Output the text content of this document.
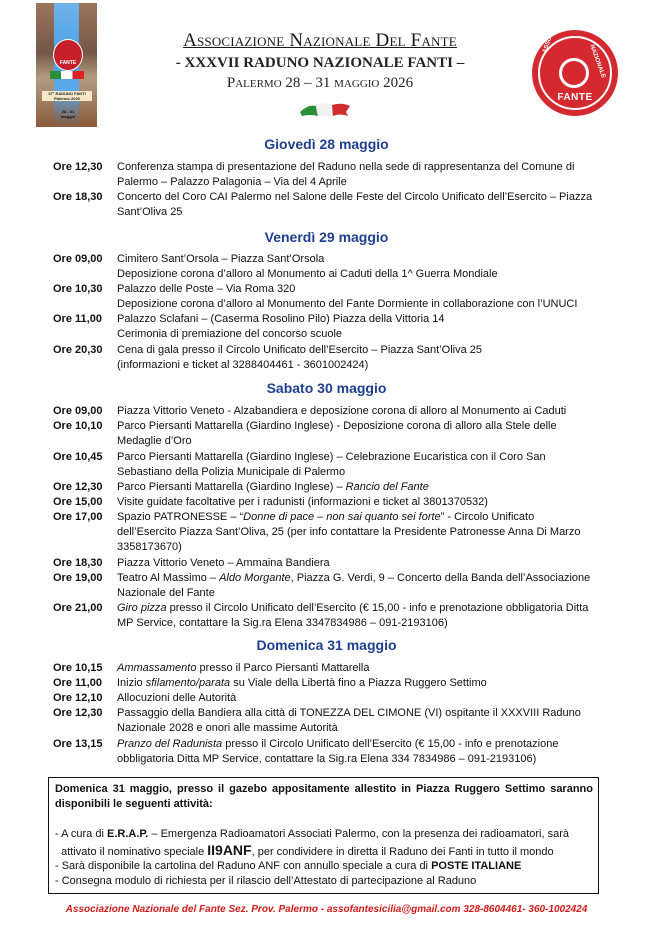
FANTE
37° RADUNO FANTI Palermo 2026
28 - 31 maggio
Associazione Nazionale Del Fante
- XXXVII RADUNO NAZIONALE FANTI –
Palermo 28 – 31 maggio 2026
ASSOCIAZIONE
NAZIONALE
FANTE
Giovedì 28 maggio
Ore 12,30	Conferenza stampa di presentazione del Raduno nella sede di rappresentanza del Comune di
Palermo – Palazzo Palagonia – Via del 4 Aprile
Ore 18,30	Concerto del Coro CAI Palermo nel Salone delle Feste del Circolo Unificato dell’Esercito – Piazza
Sant’Oliva 25
Venerdì 29 maggio
Ore 09,00	Cimitero Sant’Orsola – Piazza Sant’Orsola
Deposizione corona d’alloro al Monumento ai Caduti della 1^ Guerra Mondiale
Ore 10,30	Palazzo delle Poste – Via Roma 320
Deposizione corona d’alloro al Monumento del Fante Dormiente in collaborazione con l’UNUCI
Ore 11,00	Palazzo Sclafani – (Caserma Rosolino Pilo) Piazza della Vittoria 14
Cerimonia di premiazione del concorso scuole
Ore 20,30	Cena di gala presso il Circolo Unificato dell’Esercito – Piazza Sant’Oliva 25
(informazioni e ticket al 3288404461 - 3601002424)
Sabato 30 maggio
Ore 09,00	Piazza Vittorio Veneto - Alzabandiera e deposizione corona di alloro al Monumento ai Caduti
Ore 10,10	Parco Piersanti Mattarella (Giardino Inglese) - Deposizione corona di alloro alla Stele delle
Medaglie d’Oro
Ore 10,45	Parco Piersanti Mattarella (Giardino Inglese) – Celebrazione Eucaristica con il Coro San
Sebastiano della Polizia Municipale di Palermo
Ore 12,30	Parco Piersanti Mattarella (Giardino Inglese) – Rancio del Fante
Ore 15,00	Visite guidate facoltative per i radunisti (informazioni e ticket al 3801370532)
Ore 17,00	Spazio PATRONESSE – “Donne di pace – non sai quanto sei forte” - Circolo Unificato
dell’Esercito Piazza Sant’Oliva, 25 (per info contattare la Presidente Patronesse Anna Di Marzo
3358173670)
Ore 18,30	Piazza Vittorio Veneto – Ammaina Bandiera
Ore 19,00	Teatro Al Massimo – Aldo Morgante, Piazza G. Verdi, 9 – Concerto della Banda dell’Associazione
Nazionale del Fante
Ore 21,00	Giro pizza presso il Circolo Unificato dell’Esercito (€ 15,00 - info e prenotazione obbligatoria Ditta
MP Service, contattare la Sig.ra Elena 3347834986 – 091-2193106)
Domenica 31 maggio
Ore 10,15	Ammassamento presso il Parco Piersanti Mattarella
Ore 11,00	Inizio sfilamento/parata su Viale della Libertà fino a Piazza Ruggero Settimo
Ore 12,10	Allocuzioni delle Autorità
Ore 12,30	Passaggio della Bandiera alla città di TONEZZA DEL CIMONE (VI) ospitante il XXXVIII Raduno
Nazionale 2028 e onori alle massime Autorità
Ore 13,15	Pranzo del Radunista presso il Circolo Unificato dell’Esercito (€ 15,00 - info e prenotazione
obbligatoria Ditta MP Service, contattare la Sig.ra Elena 334 7834986 – 091-2193106)
Domenica 31 maggio, presso il gazebo appositamente allestito in Piazza Ruggero Settimo saranno disponibili le seguenti attività:
- A cura di E.R.A.P. – Emergenza Radioamatori Associati Palermo, con la presenza dei radioamatori, sarà
attivato il nominativo speciale II9ANF, per condividere in diretta il Raduno dei Fanti in tutto il mondo
- Sarà disponibile la cartolina del Raduno ANF con annullo speciale a cura di POSTE ITALIANE
- Consegna modulo di richiesta per il rilascio dell’Attestato di partecipazione al Raduno
Associazione Nazionale del Fante Sez. Prov. Palermo - assofantesicilia@gmail.com 328-8604461- 360-1002424
